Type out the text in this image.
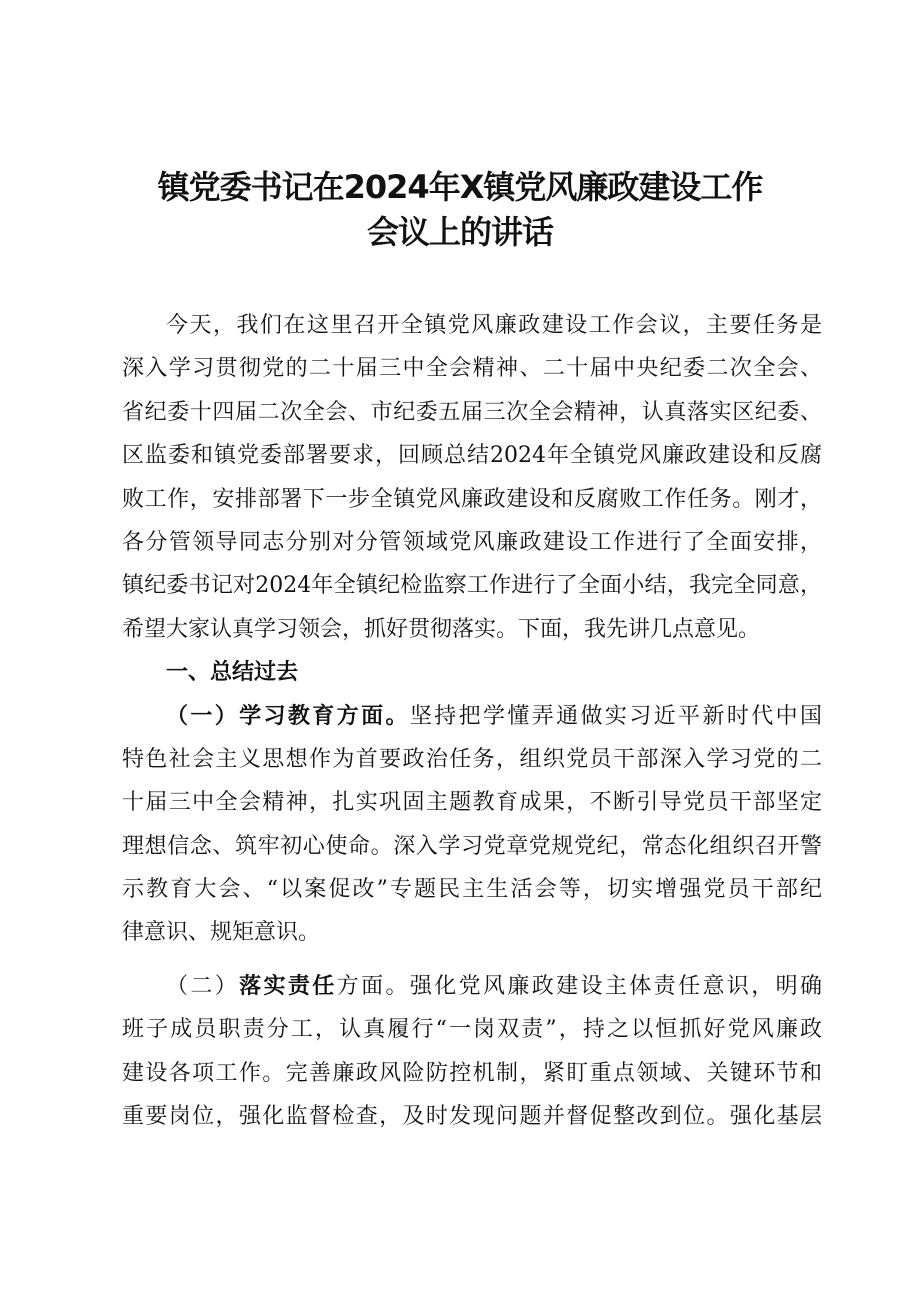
镇党委书记在2024年X镇党风廉政建设工作
会议上的讲话
今天，我们在这里召开全镇党风廉政建设工作会议，主要任务是
深入学习贯彻党的二十届三中全会精神、二十届中央纪委二次全会、
省纪委十四届二次全会、市纪委五届三次全会精神，认真落实区纪委、
区监委和镇党委部署要求，回顾总结2024年全镇党风廉政建设和反腐
败工作，安排部署下一步全镇党风廉政建设和反腐败工作任务。刚才，
各分管领导同志分别对分管领域党风廉政建设工作进行了全面安排，
镇纪委书记对2024年全镇纪检监察工作进行了全面小结，我完全同意，
希望大家认真学习领会，抓好贯彻落实。下面，我先讲几点意见。
一、总结过去
（一）学习教育方面。坚持把学懂弄通做实习近平新时代中国
特色社会主义思想作为首要政治任务，组织党员干部深入学习党的二
十届三中全会精神，扎实巩固主题教育成果，不断引导党员干部坚定
理想信念、筑牢初心使命。深入学习党章党规党纪，常态化组织召开警
示教育大会、“以案促改”专题民主生活会等，切实增强党员干部纪
律意识、规矩意识。
（二）落实责任方面。强化党风廉政建设主体责任意识，明确
班子成员职责分工，认真履行“一岗双责”，持之以恒抓好党风廉政
建设各项工作。完善廉政风险防控机制，紧盯重点领域、关键环节和
重要岗位，强化监督检查，及时发现问题并督促整改到位。强化基层
